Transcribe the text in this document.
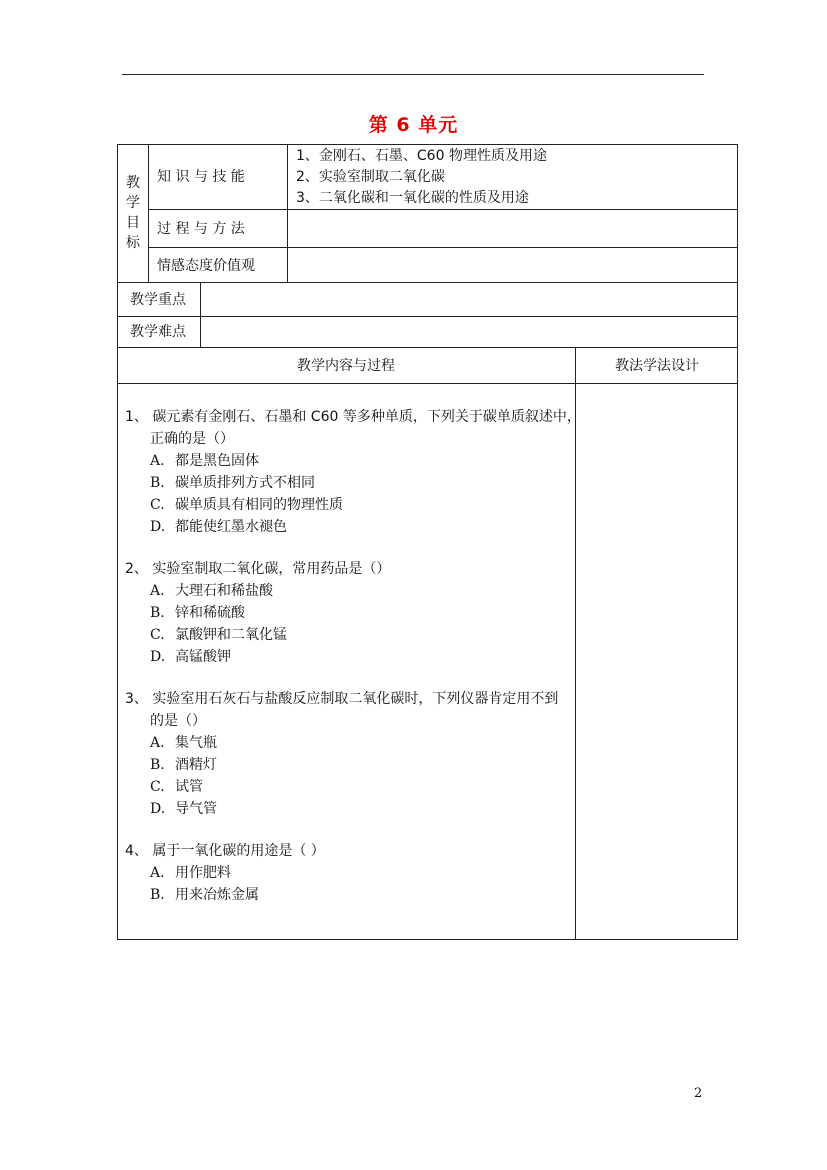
第 6 单元
教
学
目
标
知 识 与 技 能
1、金刚石、石墨、C60 物理性质及用途
2、实验室制取二氧化碳
3、二氧化碳和一氧化碳的性质及用途
过 程 与 方 法
情感态度价值观
教学重点
教学难点
教学内容与过程	教法学法设计
1、 碳元素有金刚石、石墨和 C60 等多种单质，下列关于碳单质叙述中，
正确的是（）
A. 都是黑色固体
B. 碳单质排列方式不相同
C. 碳单质具有相同的物理性质
D. 都能使红墨水褪色
2、 实验室制取二氧化碳，常用药品是（）
A. 大理石和稀盐酸
B. 锌和稀硫酸
C. 氯酸钾和二氧化锰
D. 高锰酸钾
3、 实验室用石灰石与盐酸反应制取二氧化碳时，下列仪器肯定用不到
的是（）
A. 集气瓶
B. 酒精灯
C. 试管
D. 导气管
4、 属于一氧化碳的用途是（ ）
A. 用作肥料
B. 用来冶炼金属
2
